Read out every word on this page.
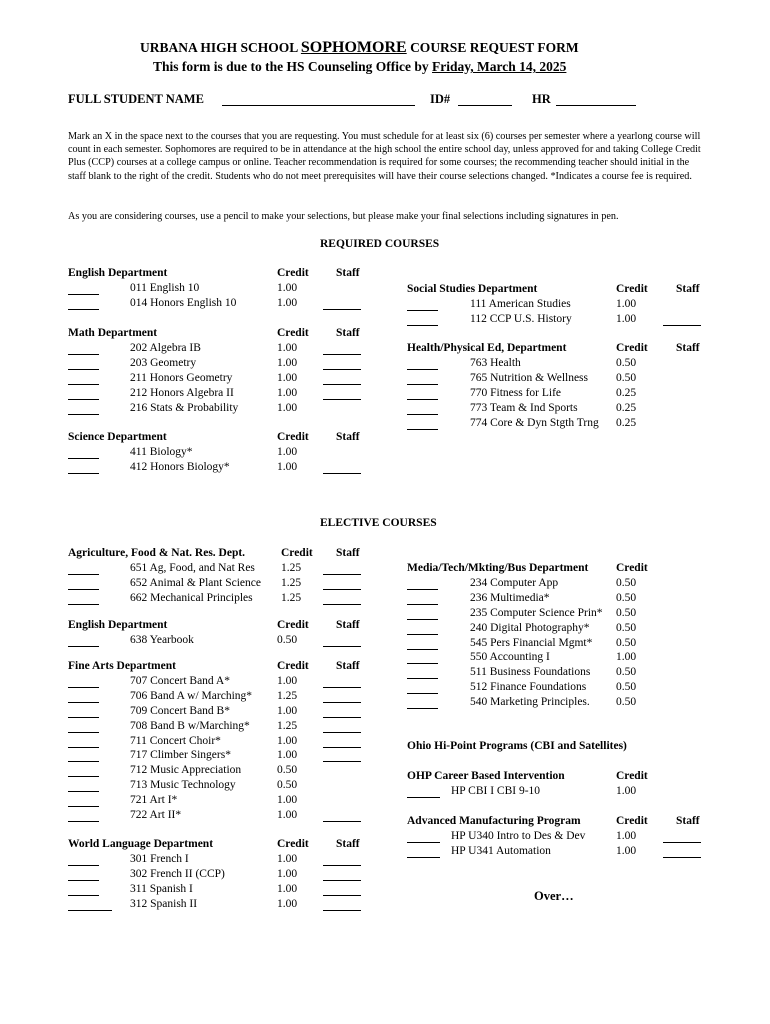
URBANA HIGH SCHOOL SOPHOMORE COURSE REQUEST FORM
This form is due to the HS Counseling Office by Friday, March 14, 2025
FULL STUDENT NAME	ID#	HR
Mark an X in the space next to the courses that you are requesting. You must schedule for at least six (6) courses per semester where a yearlong course will count in each semester. Sophomores are required to be in attendance at the high school the entire school day, unless approved for and taking College Credit Plus (CCP) courses at a college campus or online. Teacher recommendation is required for some courses; the recommending teacher should initial in the staff blank to the right of the credit. Students who do not meet prerequisites will have their course selections changed. *Indicates a course fee is required.
As you are considering courses, use a pencil to make your selections, but please make your final selections including signatures in pen.
REQUIRED COURSES
English Department	Credit Staff
011 English 10	1.00
014 Honors English 10	1.00
Math Department	Credit Staff
202 Algebra IB	1.00
203 Geometry	1.00
211 Honors Geometry	1.00
212 Honors Algebra II	1.00
216 Stats & Probability	1.00
Science Department	Credit Staff
411 Biology*	1.00
412 Honors Biology*	1.00
Social Studies Department	Credit Staff
111 American Studies	1.00
112 CCP U.S. History	1.00
Health/Physical Ed, Department	Credit Staff
763 Health	0.50
765 Nutrition & Wellness 0.50
770 Fitness for Life	0.25
773 Team & Ind Sports	0.25
774 Core & Dyn Stgth Trng 0.25
Agriculture, Food & Nat. Res. Dept.	Credit Staff
651 Ag, Food, and Nat Res 1.25
652 Animal & Plant Science 1.25
662 Mechanical Principles 1.25
English Department	Credit Staff
638 Yearbook	0.50
Fine Arts Department	Credit Staff
707 Concert Band A*	1.00
706 Band A w/ Marching* 1.25
709 Concert Band B*	1.00
708 Band B w/Marching* 1.25
711 Concert Choir*	1.00
717 Climber Singers*	1.00
712 Music Appreciation	0.50
713 Music Technology	0.50
721 Art I*	1.00
722 Art II*	1.00
World Language Department	Credit Staff
301 French I	1.00
302 French II (CCP)	1.00
311 Spanish I	1.00
312 Spanish II	1.00
Media/Tech/Mkting/Bus Department Credit
234 Computer App	0.50
236 Multimedia*	0.50
235 Computer Science Prin* 0.50
240 Digital Photography* 0.50
545 Pers Financial Mgmt* 0.50
550 Accounting I	1.00
511 Business Foundations 0.50
512 Finance Foundations	0.50
540 Marketing Principles. 0.50
OHP Career Based Intervention	Credit
HP CBI I CBI 9-10	1.00
Advanced Manufacturing Program	Credit Staff
HP U340 Intro to Des & Dev	1.00
HP U341 Automation	1.00
ELECTIVE COURSES
Ohio Hi-Point Programs (CBI and Satellites)
Over…
